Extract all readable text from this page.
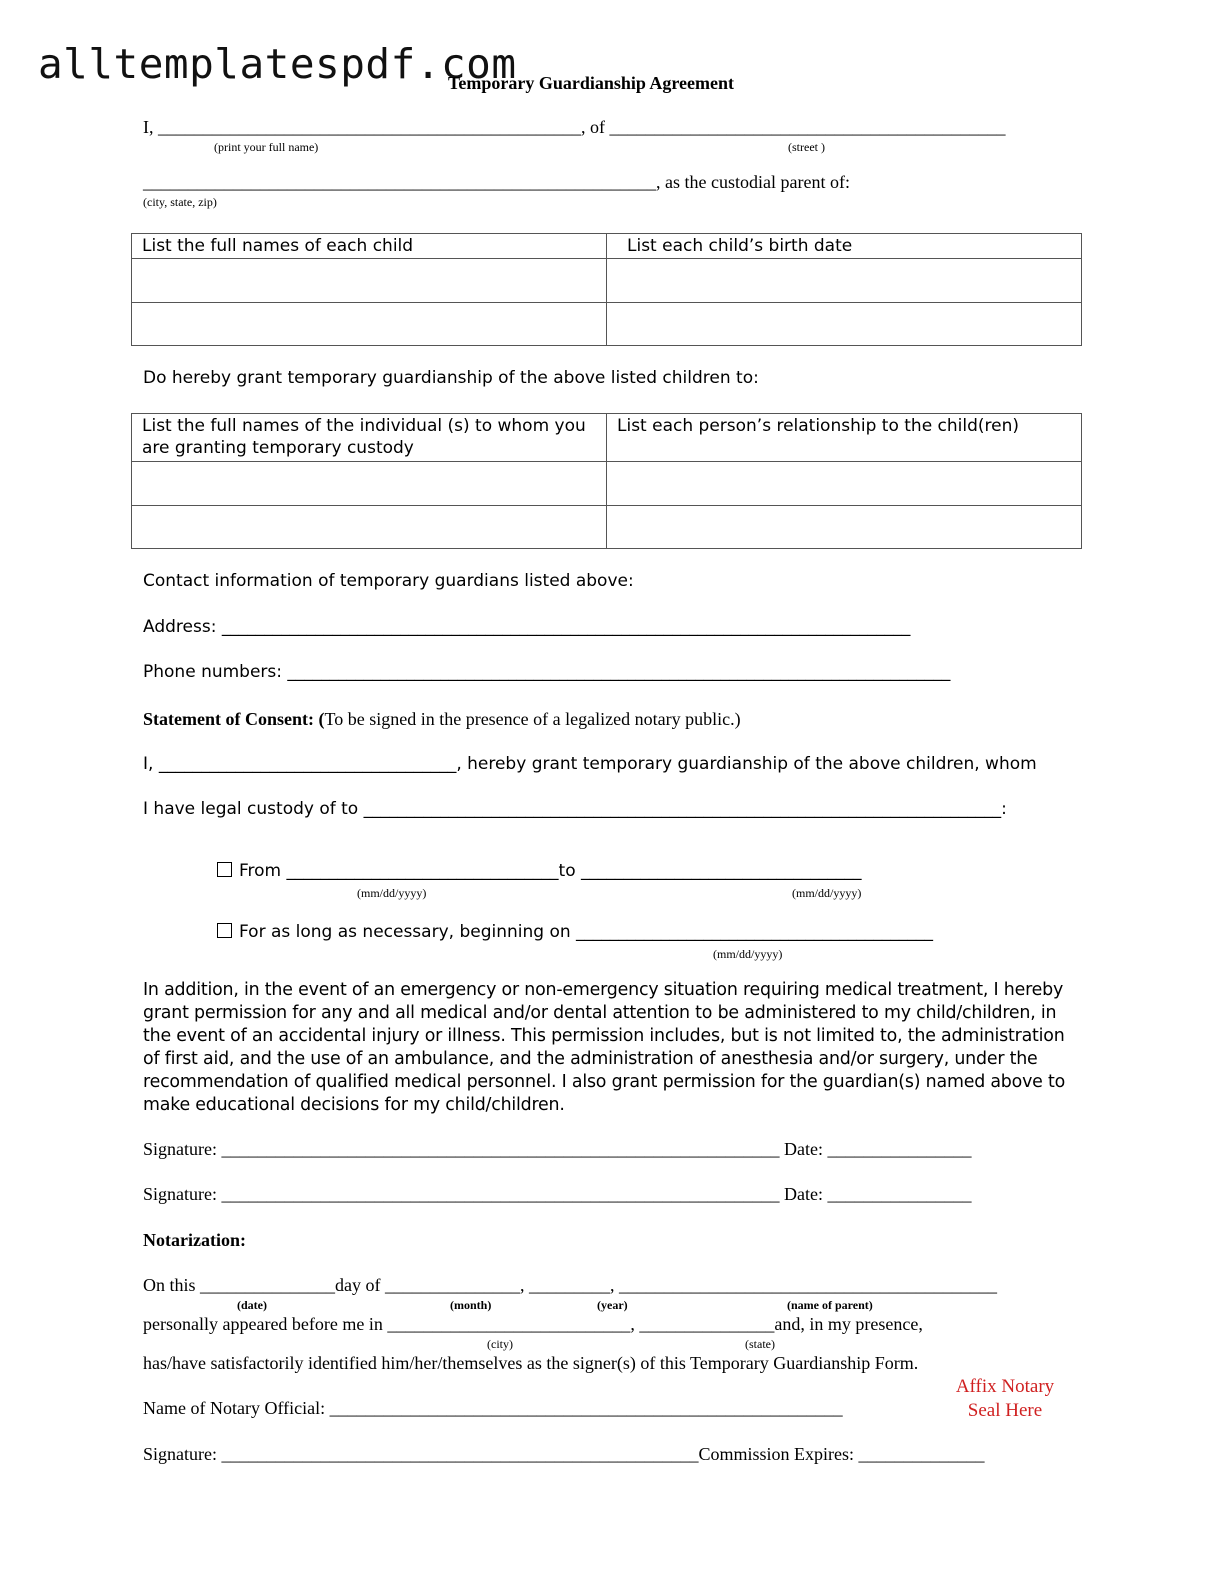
alltemplatespdf.com
Temporary Guardianship Agreement
I, _______________________________________________, of ____________________________________________
(print your full name)	(street )
_________________________________________________________, as the custodial parent of:
(city, state, zip)
List the full names of each child	List each child’s birth date

Do hereby grant temporary guardianship of the above listed children to:
List the full names of the individual (s) to whom you are granting temporary custody	List each person’s relationship to the child(ren)

Contact information of temporary guardians listed above:
Address: _________________________________________________________________________________
Phone numbers: ______________________________________________________________________________
Statement of Consent: (To be signed in the presence of a legalized notary public.)
I, ___________________________________, hereby grant temporary guardianship of the above children, whom
I have legal custody of to ___________________________________________________________________________:
From ________________________________to _________________________________
(mm/dd/yyyy)	(mm/dd/yyyy)
For as long as necessary, beginning on __________________________________________
(mm/dd/yyyy)
In addition, in the event of an emergency or non-emergency situation requiring medical treatment, I hereby grant permission for any and all medical and/or dental attention to be administered to my child/children, in the event of an accidental injury or illness. This permission includes, but is not limited to, the administration of first aid, and the use of an ambulance, and the administration of anesthesia and/or surgery, under the recommendation of qualified medical personnel. I also grant permission for the guardian(s) named above to make educational decisions for my child/children.
Signature: ______________________________________________________________ Date: ________________
Signature: ______________________________________________________________ Date: ________________
Notarization:
On this _______________day of _______________, _________, __________________________________________
(date)	(month)	(year)	(name of parent)
personally appeared before me in ___________________________, _______________and, in my presence,
(city)	(state)
has/have satisfactorily identified him/her/themselves as the signer(s) of this Temporary Guardianship Form.
Name of Notary Official: _________________________________________________________
Affix Notary
Seal Here
Signature: _____________________________________________________Commission Expires: ______________
